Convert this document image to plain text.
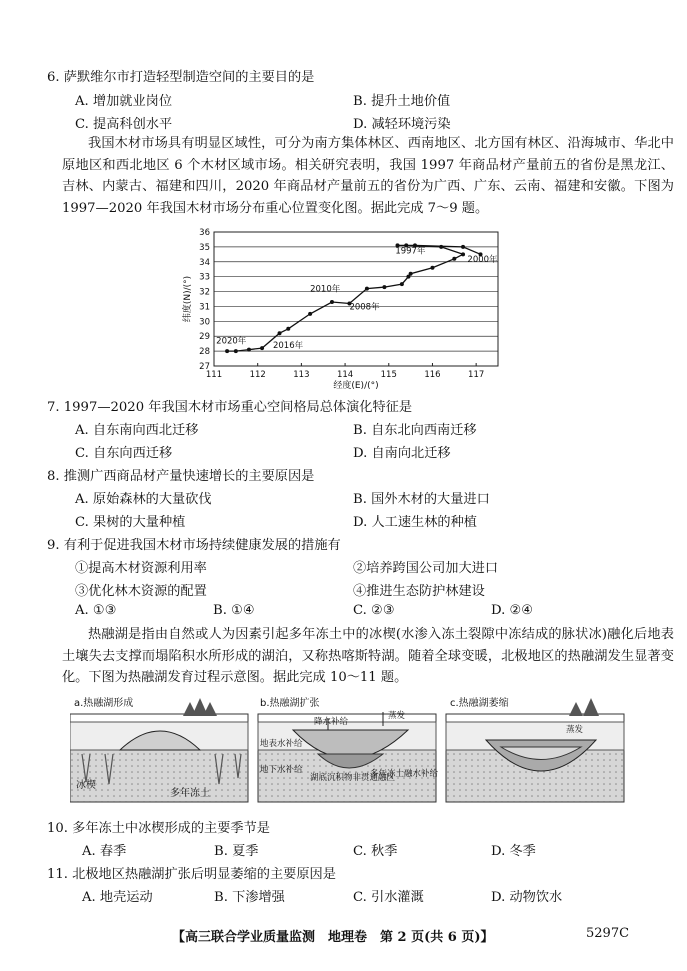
6. 萨默维尔市打造轻型制造空间的主要目的是
A. 增加就业岗位	B. 提升土地价值
C. 提高科创水平	D. 减轻环境污染
我国木材市场具有明显区域性，可分为南方集体林区、西南地区、北方国有林区、沿海城市、华北中原地区和西北地区 6 个木材区域市场。相关研究表明，我国 1997 年商品材产量前五的省份是黑龙江、吉林、内蒙古、福建和四川，2020 年商品材产量前五的省份为广西、广东、云南、福建和安徽。下图为 1997—2020 年我国木材市场分布重心位置变化图。据此完成 7～9 题。
27
28
29
30
31
32
33
34
35
36
111	112	113	114	115	116	117
经度(E)/(°)
纬度(N)/(°)
1997年
2000年
2010年
2008年
2016年
2020年
7. 1997—2020 年我国木材市场重心空间格局总体演化特征是
A. 自东南向西北迁移	B. 自东北向西南迁移
C. 自东向西迁移	D. 自南向北迁移
8. 推测广西商品材产量快速增长的主要原因是
A. 原始森林的大量砍伐	B. 国外木材的大量进口
C. 果树的大量种植	D. 人工速生林的种植
9. 有利于促进我国木材市场持续健康发展的措施有
①提高木材资源利用率	②培养跨国公司加大进口
③优化林木资源的配置	④推进生态防护林建设
A. ①③	B. ①④	C. ②③	D. ②④
热融湖是指由自然或人为因素引起多年冻土中的冰楔(水渗入冻土裂隙中冻结成的脉状冰)融化后地表土壤失去支撑而塌陷积水所形成的湖泊，又称热喀斯特湖。随着全球变暖，北极地区的热融湖发生显著变化。下图为热融湖发育过程示意图。据此完成 10～11 题。
a.热融湖形成
冰楔
多年冻土
b.热融湖扩张
降水补给
蒸发
地表水补给
地下水补给
湖底沉积物非贯通融区
多年冻土融水补给
c.热融湖萎缩
蒸发
10. 多年冻土中冰楔形成的主要季节是
A. 春季	B. 夏季	C. 秋季	D. 冬季
11. 北极地区热融湖扩张后明显萎缩的主要原因是
A. 地壳运动	B. 下渗增强	C. 引水灌溉	D. 动物饮水
【高三联合学业质量监测　地理卷　第 2 页(共 6 页)】	5297C
